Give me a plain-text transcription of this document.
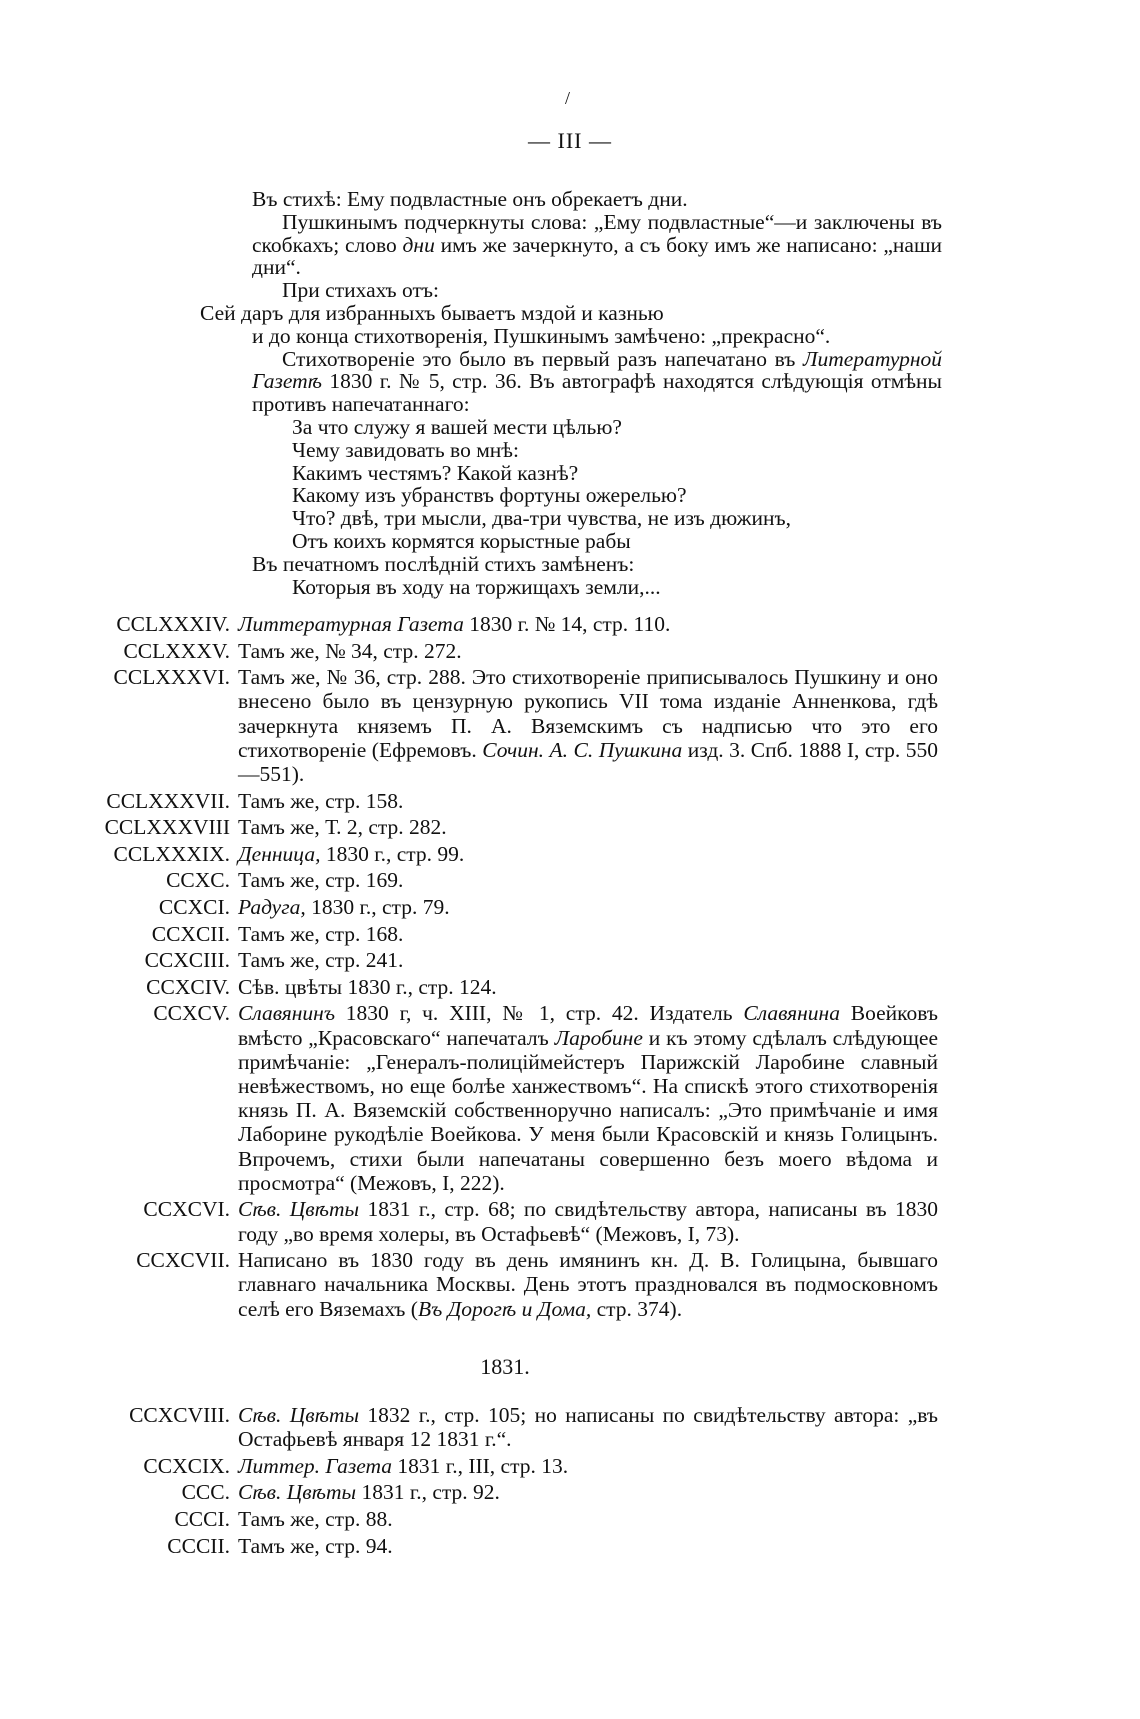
/
— III —

Въ стихѣ: Ему подвластные онъ обрекаетъ дни.

Пушкинымъ подчеркнуты слова: „Ему подвластные“—и заключены въ скобкахъ; слово дни имъ же зачеркнуто, а съ боку имъ же написано: „наши дни“.

При стихахъ отъ:

Сей даръ для избранныхъ бываетъ мздой и казнью

и до конца стихотворенія, Пушкинымъ замѣчено: „прекрасно“.

Стихотвореніе это было въ первый разъ напечатано въ Литературной Газетѣ 1830 г. № 5, стр. 36. Въ автографѣ находятся слѣдующія отмѣны противъ напечатаннаго:

За что служу я вашей мести цѣлью?

Чему завидовать во мнѣ:

Какимъ честямъ? Какой казнѣ?

Какому изъ убранствъ фортуны ожерелью?

Что? двѣ, три мысли, два-три чувства, не изъ дюжинъ,

Отъ коихъ кормятся корыстные рабы

Въ печатномъ послѣдній стихъ замѣненъ:

Которыя въ ходу на торжищахъ земли,...

CCLXXXIV. Литтературная Газета 1830 г. № 14, стр. 110.
CCLXXXV. Тамъ же, № 34, стр. 272.
CCLXXXVI. Тамъ же, № 36, стр. 288. Это стихотвореніе приписывалось Пушкину и оно внесено было въ цензурную рукопись VII тома изданіе Анненкова, гдѣ зачеркнута княземъ П. А. Вяземскимъ съ надписью что это его стихотвореніе (Ефремовъ. Сочин. А. С. Пушкина изд. 3. Спб. 1888 I, стр. 550—551).
CCLXXXVII. Тамъ же, стр. 158.
CCLXXXVIII Тамъ же, Т. 2, стр. 282.
CCLXXXIX. Денница, 1830 г., стр. 99.
CCXC. Тамъ же, стр. 169.
CCXCI. Радуга, 1830 г., стр. 79.
CCXCII. Тамъ же, стр. 168.
CCXCIII. Тамъ же, стр. 241.
CCXCIV. Сѣв. цвѣты 1830 г., стр. 124.
CCXCV. Славянинъ 1830 г, ч. XIII, № 1, стр. 42. Издатель Славянина Воейковъ вмѣсто „Красовскаго“ напечаталъ Ларобине и къ этому сдѣлалъ слѣдующее примѣчаніе: „Генералъ-полиціймейстеръ Парижскій Ларобине славный невѣжествомъ, но еще болѣе ханжествомъ“. На спискѣ этого стихотворенія князь П. А. Вяземскій собственноручно написалъ: „Это примѣчаніе и имя Лаборине рукодѣліе Воейкова. У меня были Красовскій и князь Голицынъ. Впрочемъ, стихи были напечатаны совершенно безъ моего вѣдома и просмотра“ (Межовъ, I, 222).
CCXCVI. Сѣв. Цвѣты 1831 г., стр. 68; по свидѣтельству автора, написаны въ 1830 году „во время холеры, въ Остафьевѣ“ (Межовъ, I, 73).
CCXCVII. Написано въ 1830 году въ день имянинъ кн. Д. В. Голицына, бывшаго главнаго начальника Москвы. День этотъ праздновался въ подмосковномъ селѣ его Вяземахъ (Въ Дорогѣ и Дома, стр. 374).
1831.
CCXCVIII. Сѣв. Цвѣты 1832 г., стр. 105; но написаны по свидѣтельству автора: „въ Остафьевѣ января 12 1831 г.“.
CCXCIX. Литтер. Газета 1831 г., III, стр. 13.
CCC. Сѣв. Цвѣты 1831 г., стр. 92.
CCCI. Тамъ же, стр. 88.
CCCII. Тамъ же, стр. 94.
